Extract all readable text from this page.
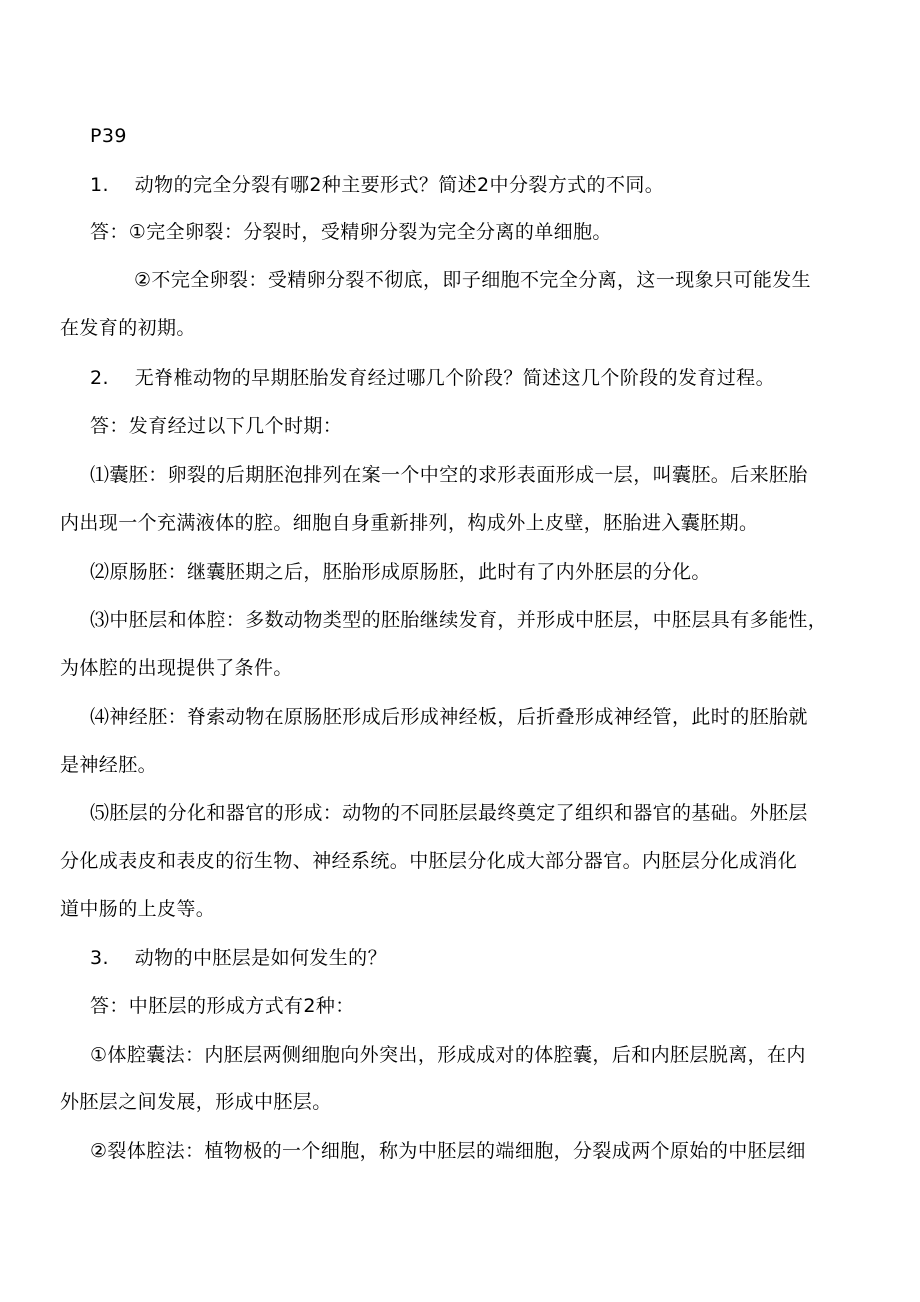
P39
1.　 动物的完全分裂有哪2种主要形式？简述2中分裂方式的不同。
答：①完全卵裂：分裂时，受精卵分裂为完全分离的单细胞。
②不完全卵裂：受精卵分裂不彻底，即子细胞不完全分离，这一现象只可能发生
在发育的初期。
2.　 无脊椎动物的早期胚胎发育经过哪几个阶段？简述这几个阶段的发育过程。
答：发育经过以下几个时期：
⑴囊胚：卵裂的后期胚泡排列在案一个中空的求形表面形成一层，叫囊胚。后来胚胎
内出现一个充满液体的腔。细胞自身重新排列，构成外上皮壁，胚胎进入囊胚期。
⑵原肠胚：继囊胚期之后，胚胎形成原肠胚，此时有了内外胚层的分化。
⑶中胚层和体腔：多数动物类型的胚胎继续发育，并形成中胚层，中胚层具有多能性，
为体腔的出现提供了条件。
⑷神经胚：脊索动物在原肠胚形成后形成神经板，后折叠形成神经管，此时的胚胎就
是神经胚。
⑸胚层的分化和器官的形成：动物的不同胚层最终奠定了组织和器官的基础。外胚层
分化成表皮和表皮的衍生物、神经系统。中胚层分化成大部分器官。内胚层分化成消化
道中肠的上皮等。
3.　 动物的中胚层是如何发生的？
答：中胚层的形成方式有2种：
①体腔囊法：内胚层两侧细胞向外突出，形成成对的体腔囊，后和内胚层脱离，在内
外胚层之间发展，形成中胚层。
②裂体腔法：植物极的一个细胞，称为中胚层的端细胞，分裂成两个原始的中胚层细
